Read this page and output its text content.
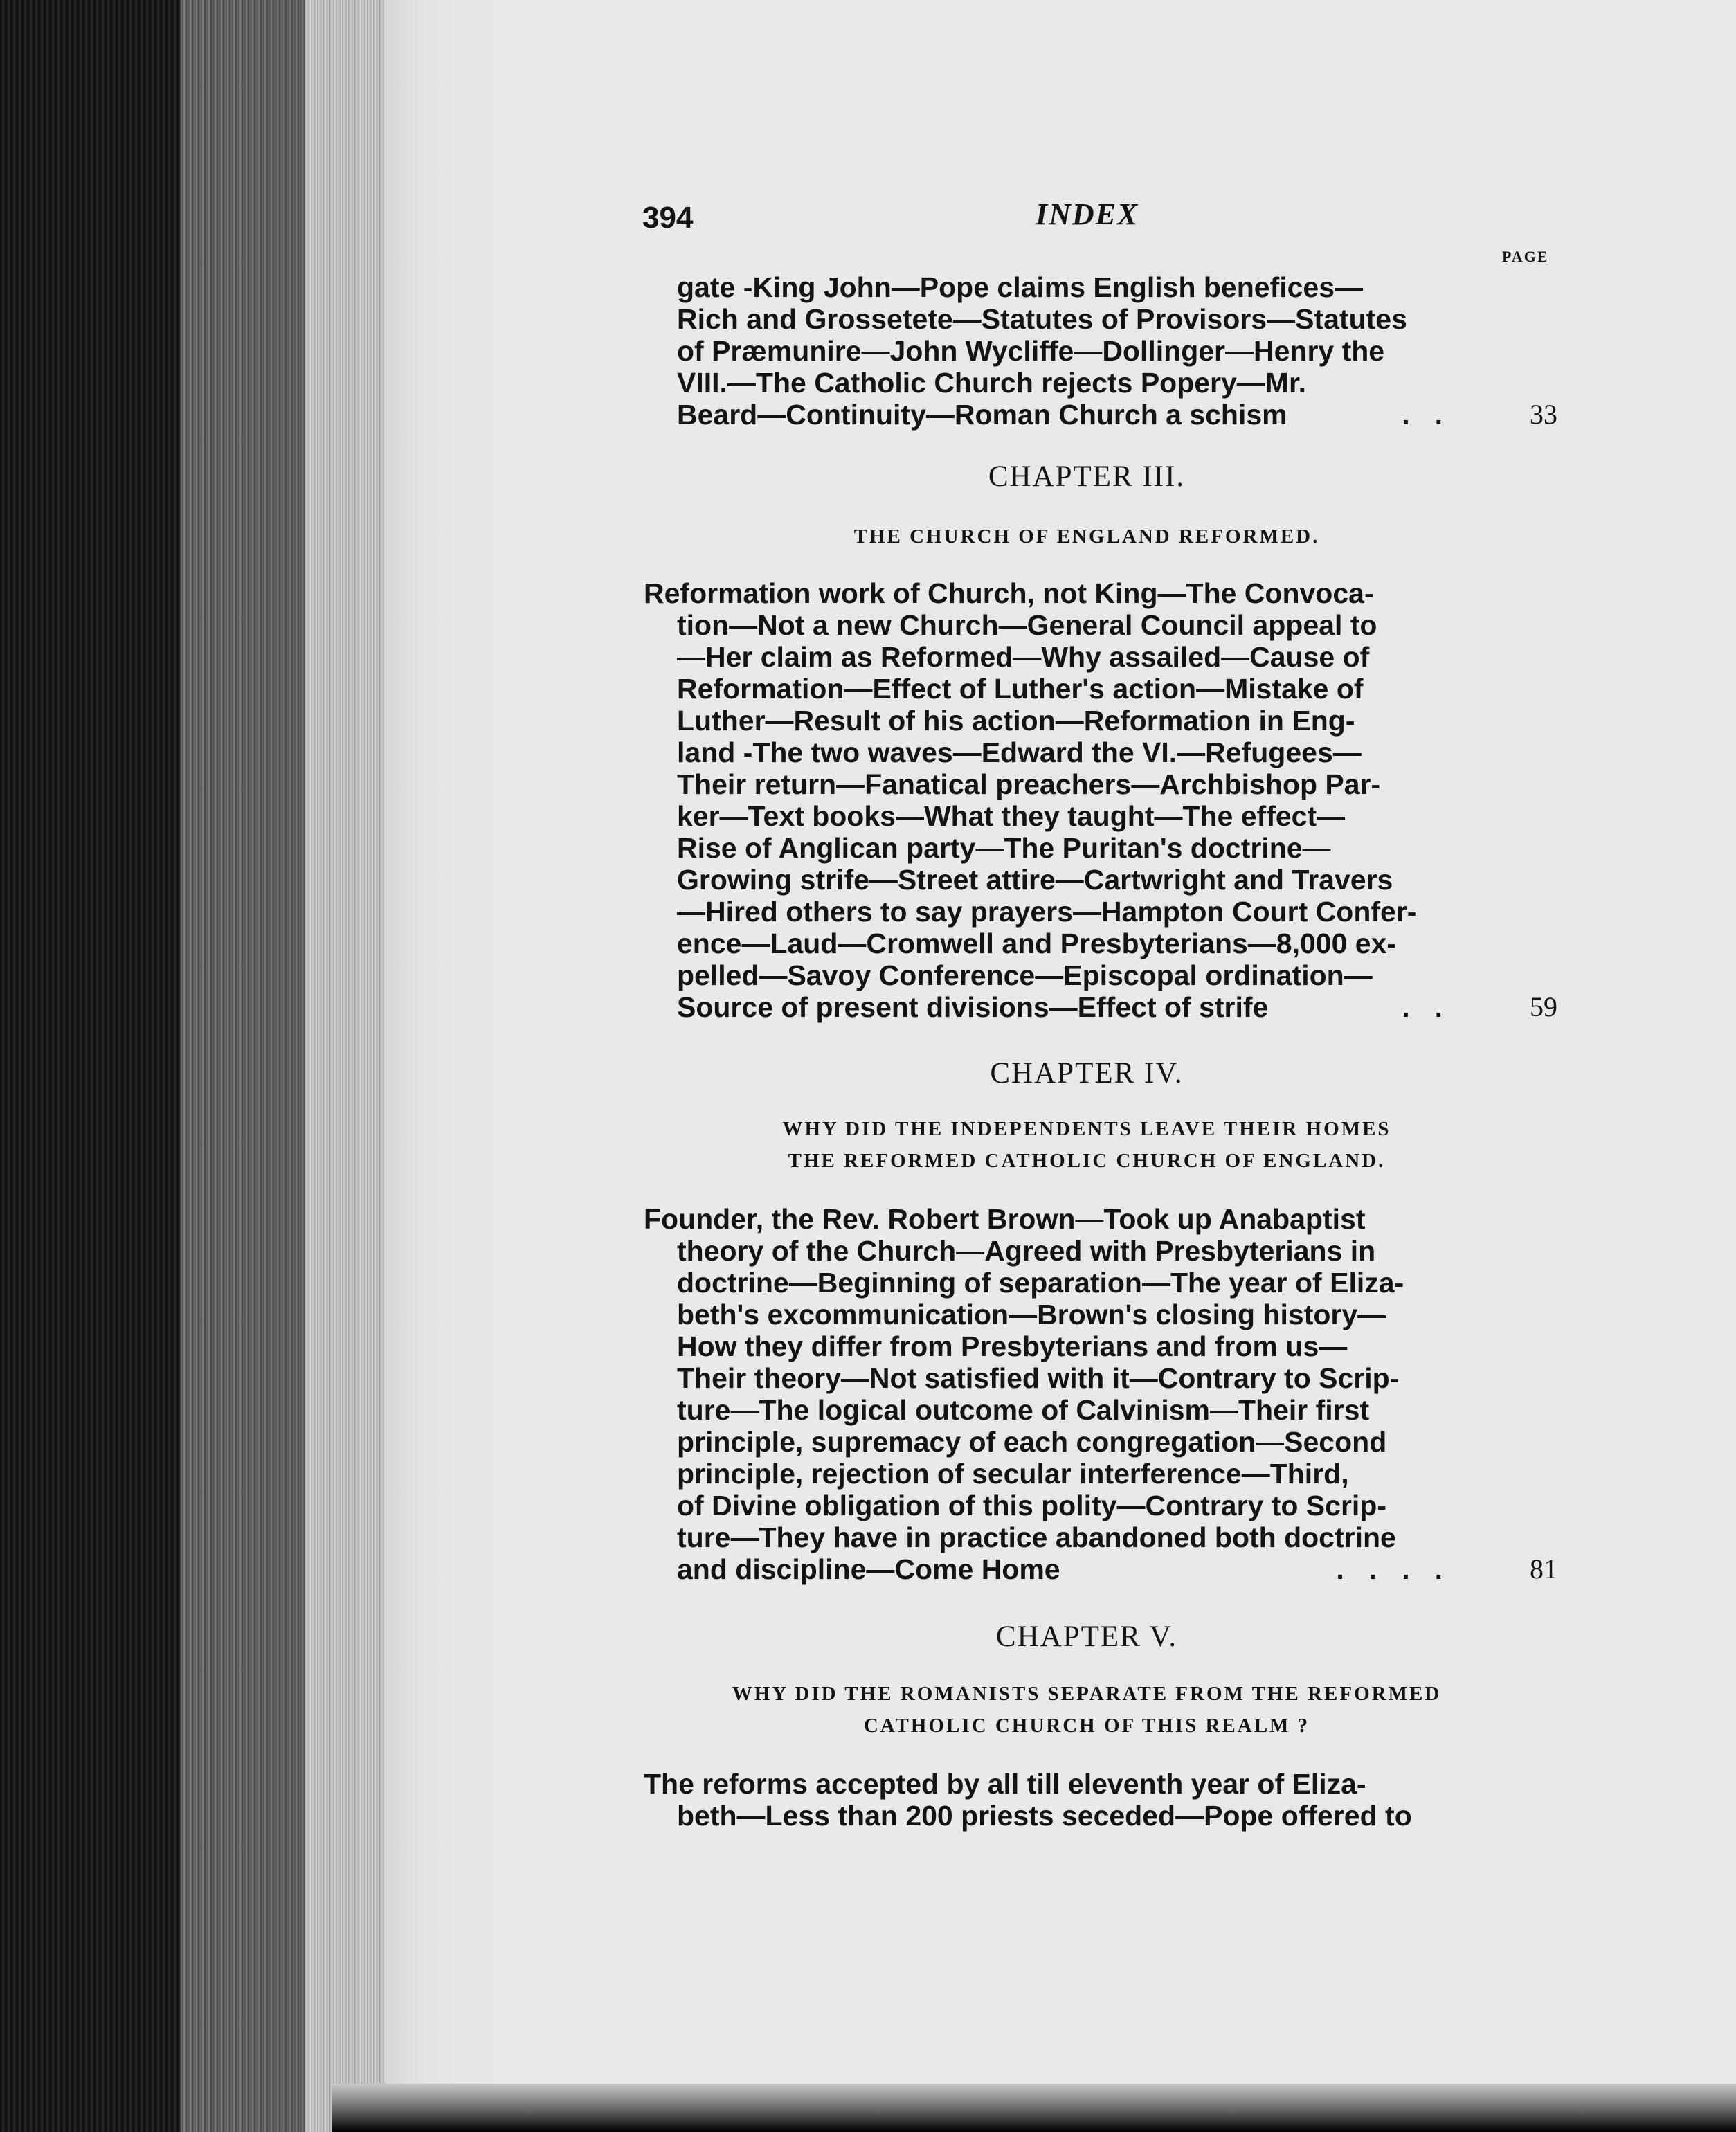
394	INDEX
PAGE
gate -King John—Pope claims English benefices—
Rich and Grossetete—Statutes of Provisors—Statutes
of Præmunire—John Wycliffe—Dollinger—Henry the
VIII.—The Catholic Church rejects Popery—Mr.
Beard—Continuity—Roman Church a schism	..	33
CHAPTER III.
THE CHURCH OF ENGLAND REFORMED.
Reformation work of Church, not King—The Convoca-
tion—Not a new Church—General Council appeal to
—Her claim as Reformed—Why assailed—Cause of
Reformation—Effect of Luther's action—Mistake of
Luther—Result of his action—Reformation in Eng-
land -The two waves—Edward the VI.—Refugees—
Their return—Fanatical preachers—Archbishop Par-
ker—Text books—What they taught—The effect—
Rise of Anglican party—The Puritan's doctrine—
Growing strife—Street attire—Cartwright and Travers
—Hired others to say prayers—Hampton Court Confer-
ence—Laud—Cromwell and Presbyterians—8,000 ex-
pelled—Savoy Conference—Episcopal ordination—
Source of present divisions—Effect of strife	..	59
CHAPTER IV.
WHY DID THE INDEPENDENTS LEAVE THEIR HOMES
THE REFORMED CATHOLIC CHURCH OF ENGLAND.
Founder, the Rev. Robert Brown—Took up Anabaptist
theory of the Church—Agreed with Presbyterians in
doctrine—Beginning of separation—The year of Eliza-
beth's excommunication—Brown's closing history—
How they differ from Presbyterians and from us—
Their theory—Not satisfied with it—Contrary to Scrip-
ture—The logical outcome of Calvinism—Their first
principle, supremacy of each congregation—Second
principle, rejection of secular interference—Third,
of Divine obligation of this polity—Contrary to Scrip-
ture—They have in practice abandoned both doctrine
and discipline—Come Home	....	81
CHAPTER V.
WHY DID THE ROMANISTS SEPARATE FROM THE REFORMED
CATHOLIC CHURCH OF THIS REALM ?
The reforms accepted by all till eleventh year of Eliza-
beth—Less than 200 priests seceded—Pope offered to
